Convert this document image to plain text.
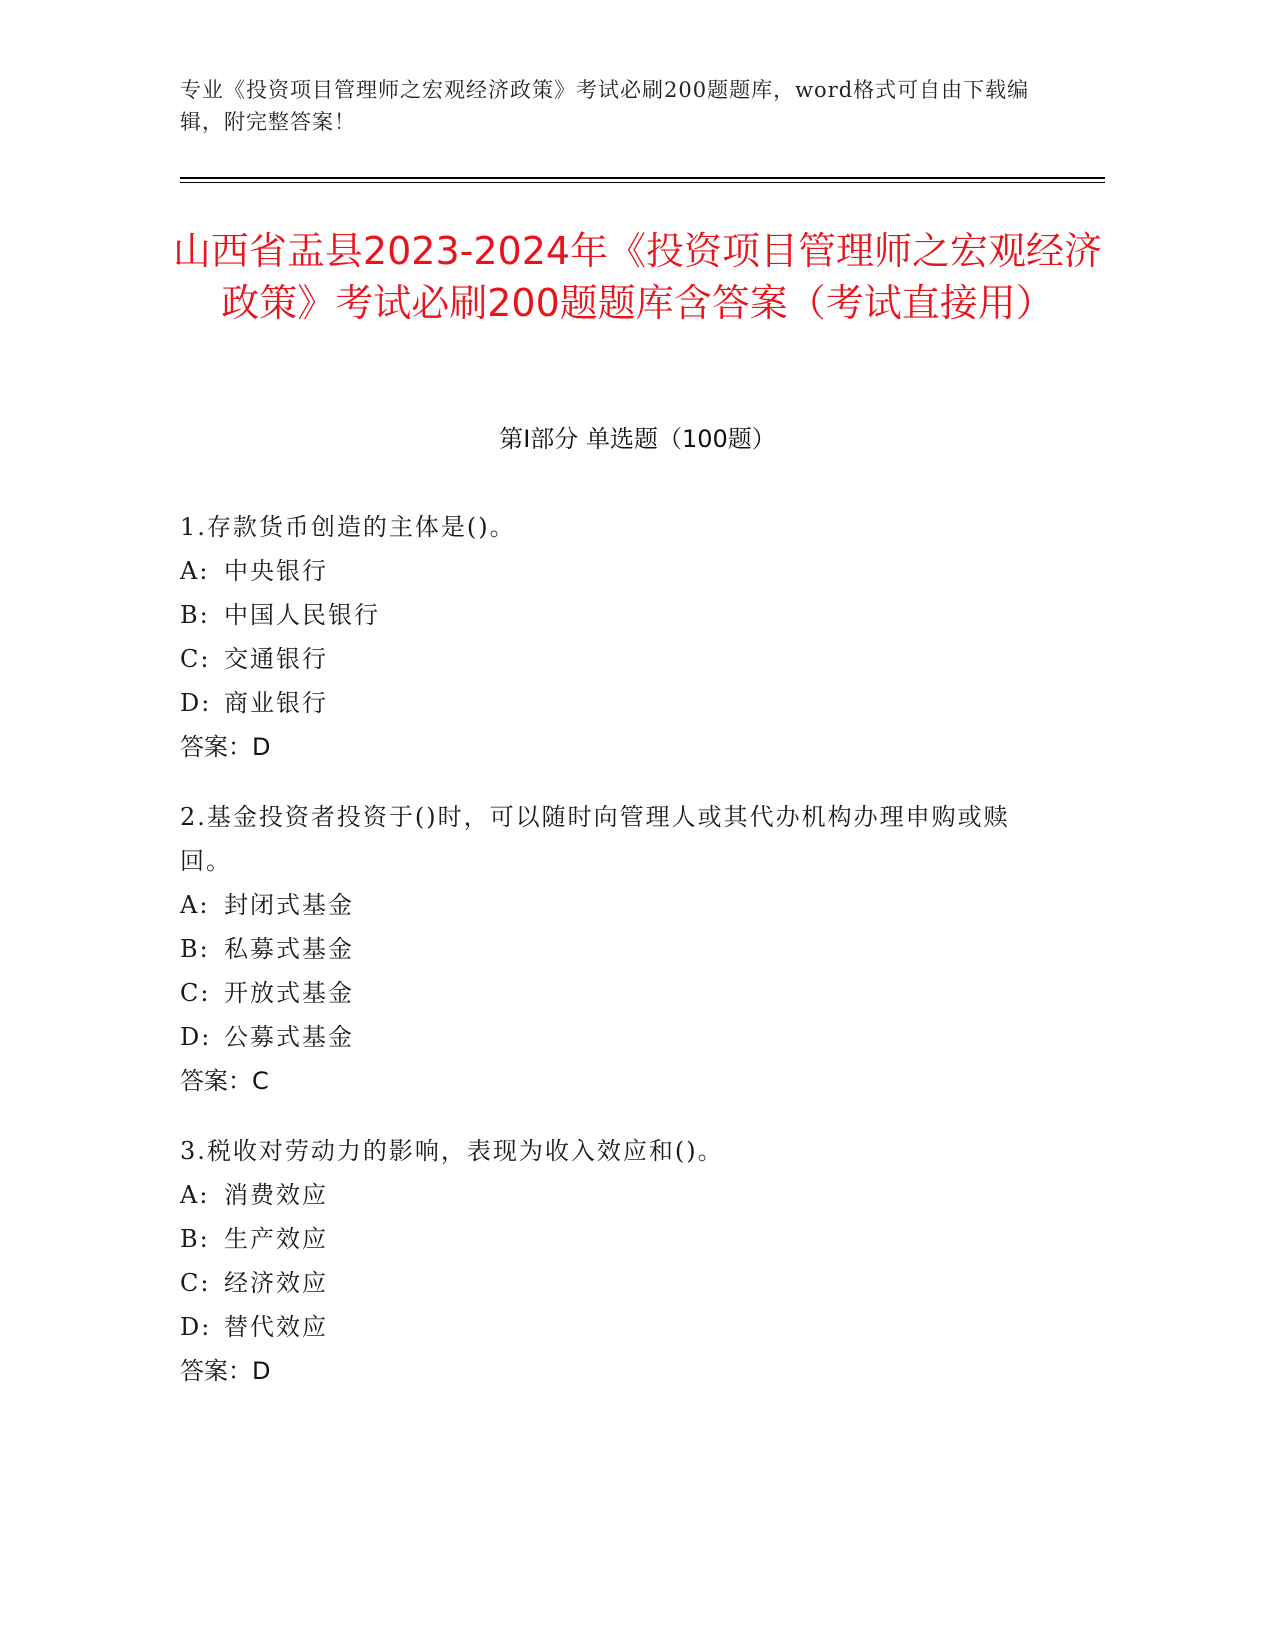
专业《投资项目管理师之宏观经济政策》考试必刷200题题库，word格式可自由下载编辑，附完整答案！
山西省盂县2023-2024年《投资项目管理师之宏观经济政策》考试必刷200题题库含答案（考试直接用）
第Ⅰ部分 单选题（100题）

1.存款货币创造的主体是()。

A: 中央银行
B: 中国人民银行
C: 交通银行
D: 商业银行
答案：D

2.基金投资者投资于()时，可以随时向管理人或其代办机构办理申购或赎回。

A: 封闭式基金
B: 私募式基金
C: 开放式基金
D: 公募式基金
答案：C

3.税收对劳动力的影响，表现为收入效应和()。

A: 消费效应
B: 生产效应
C: 经济效应
D: 替代效应
答案：D
